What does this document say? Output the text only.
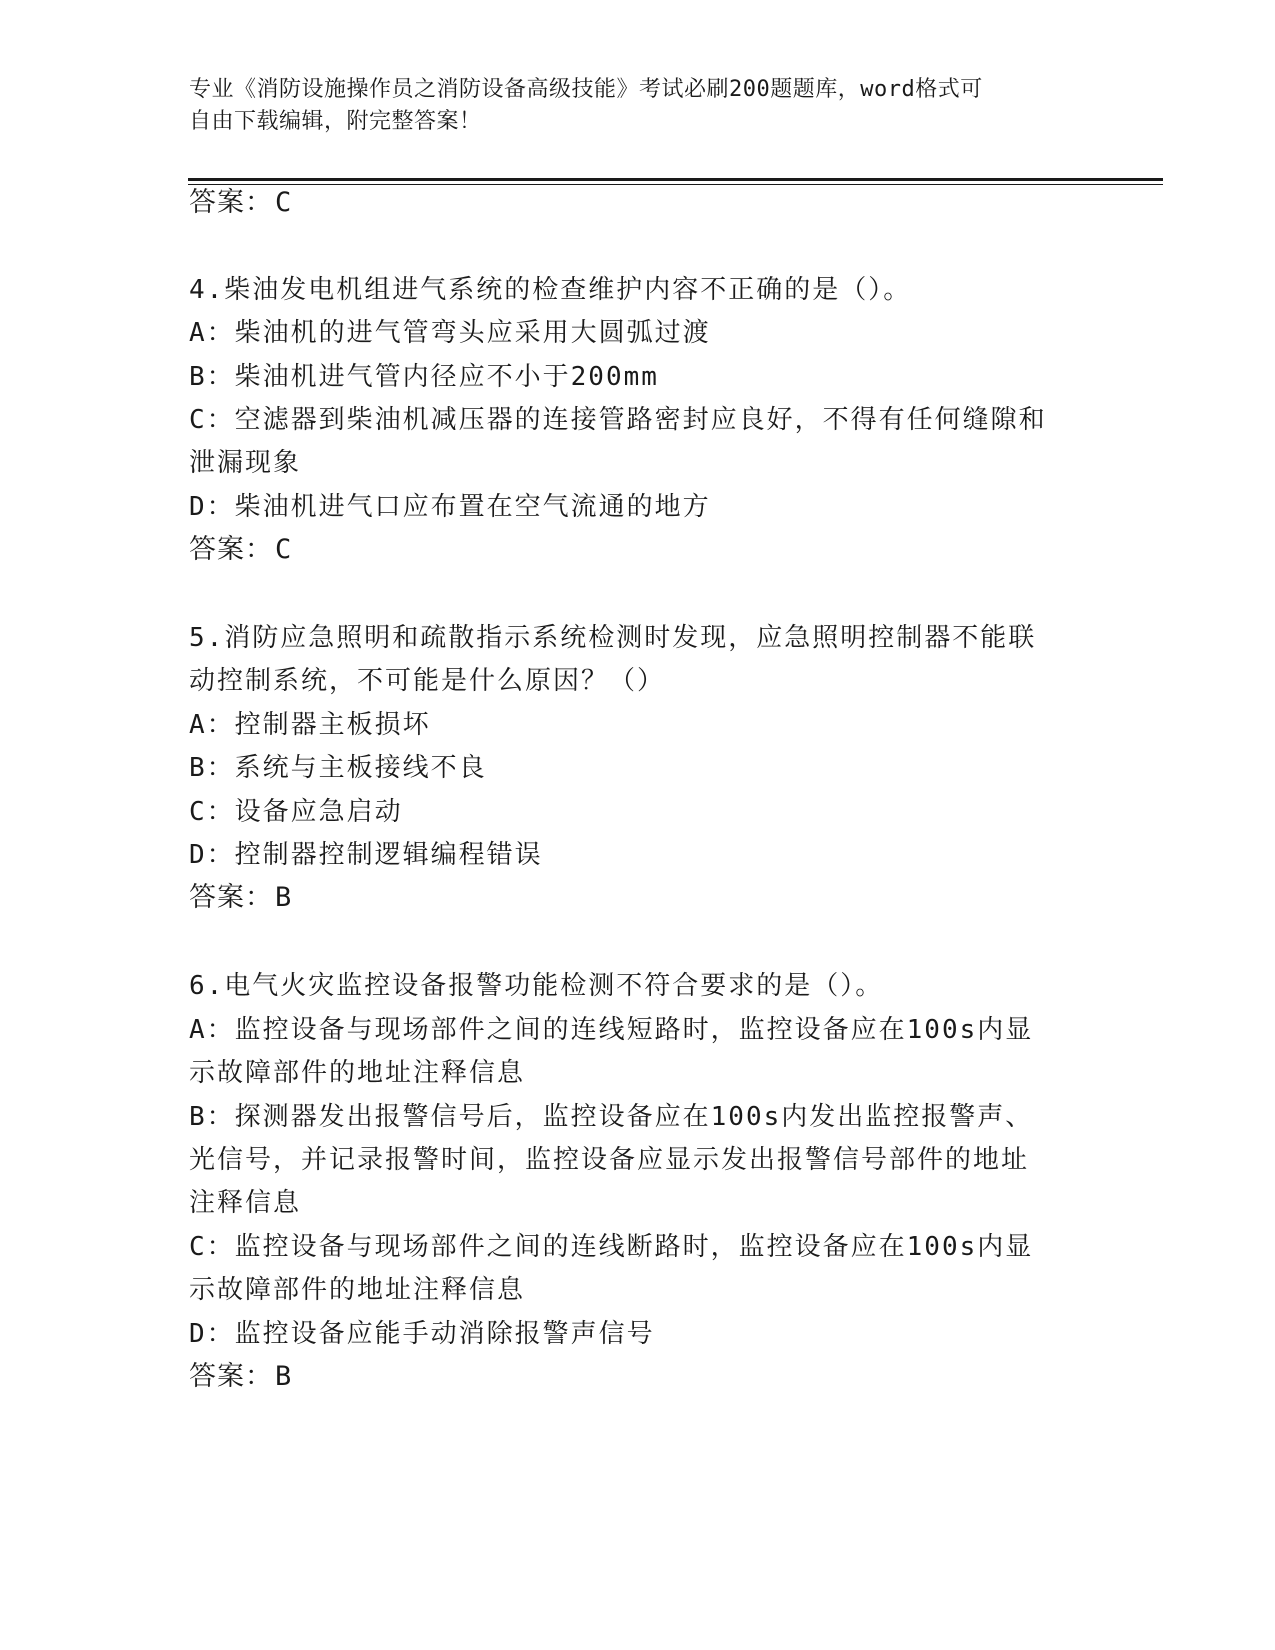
专业《消防设施操作员之消防设备高级技能》考试必刷200题题库，word格式可
自由下载编辑，附完整答案！
答案：C
4.柴油发电机组进气系统的检查维护内容不正确的是（）。
A：柴油机的进气管弯头应采用大圆弧过渡
B：柴油机进气管内径应不小于200mm
C：空滤器到柴油机减压器的连接管路密封应良好，不得有任何缝隙和
泄漏现象
D：柴油机进气口应布置在空气流通的地方
答案：C
5.消防应急照明和疏散指示系统检测时发现，应急照明控制器不能联
动控制系统，不可能是什么原因？（）
A：控制器主板损坏
B：系统与主板接线不良
C：设备应急启动
D：控制器控制逻辑编程错误
答案：B
6.电气火灾监控设备报警功能检测不符合要求的是（）。
A：监控设备与现场部件之间的连线短路时，监控设备应在100s内显
示故障部件的地址注释信息
B：探测器发出报警信号后，监控设备应在100s内发出监控报警声、
光信号，并记录报警时间，监控设备应显示发出报警信号部件的地址
注释信息
C：监控设备与现场部件之间的连线断路时，监控设备应在100s内显
示故障部件的地址注释信息
D：监控设备应能手动消除报警声信号
答案：B
